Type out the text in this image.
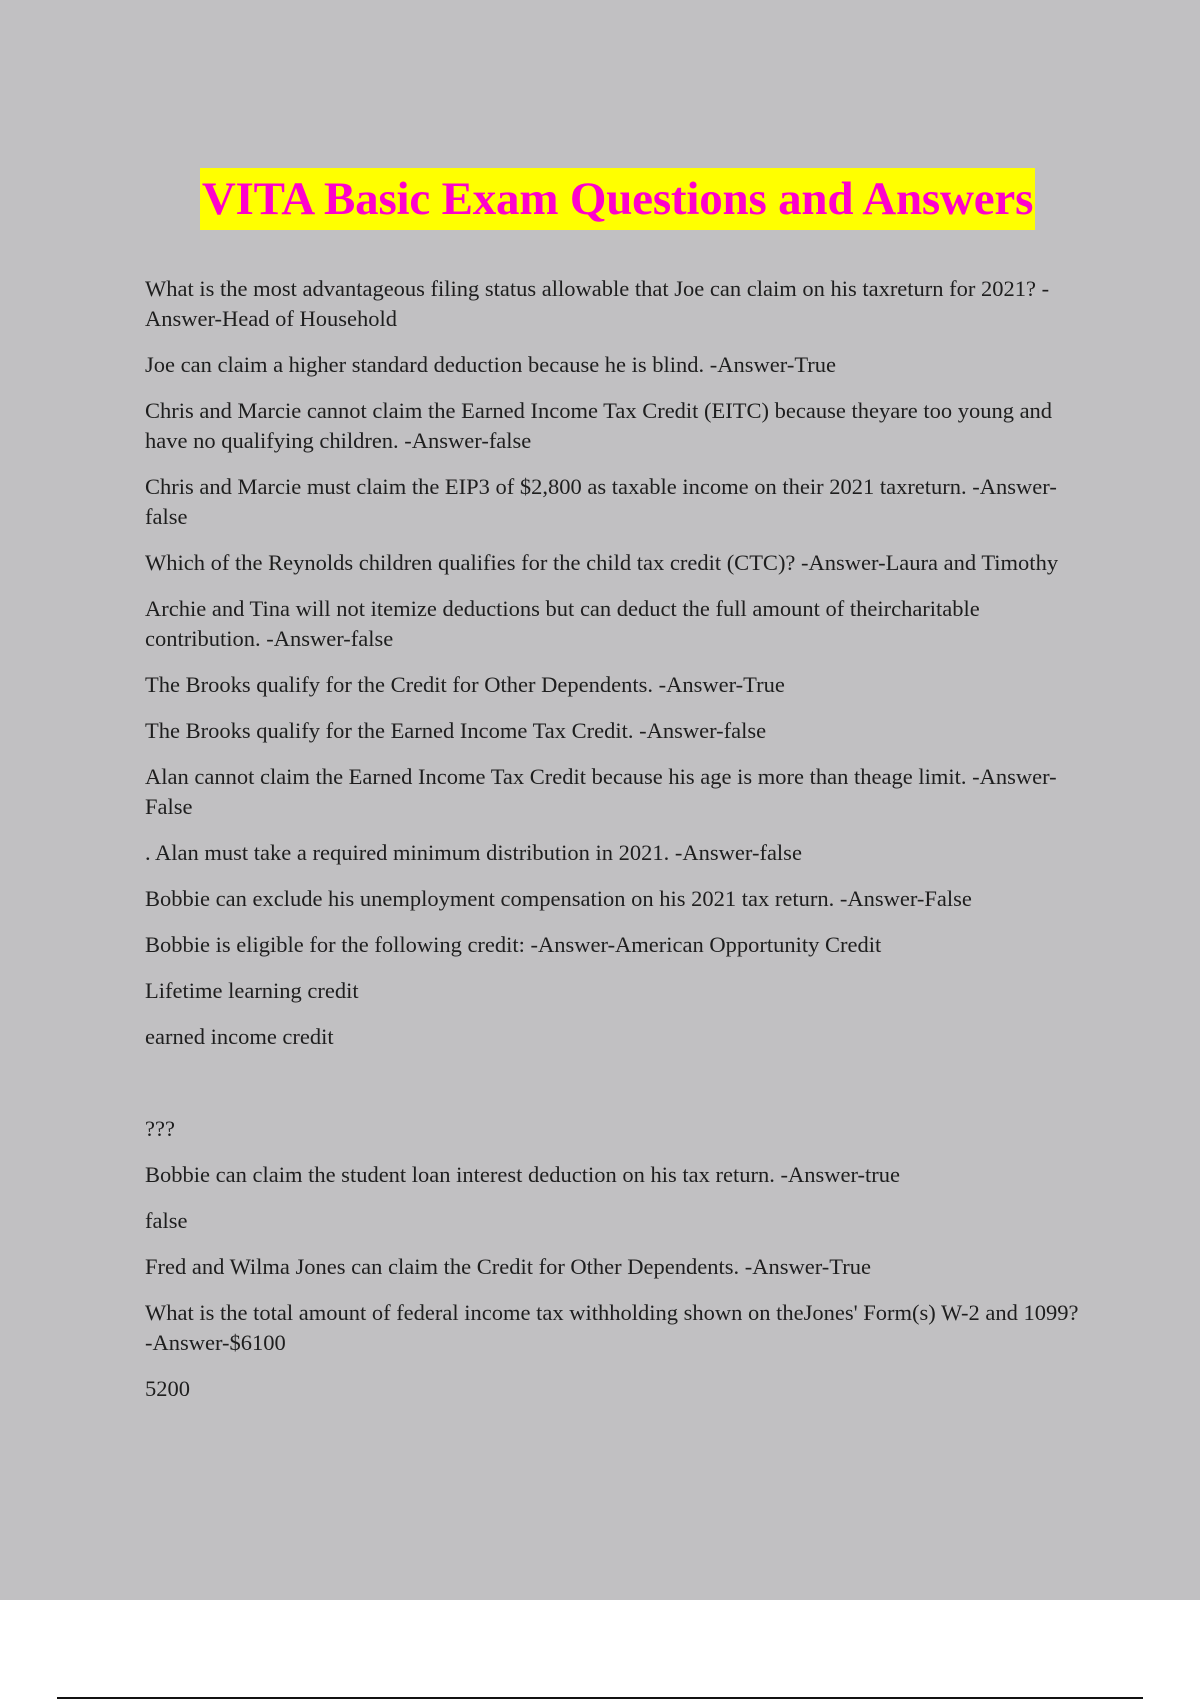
VITA Basic Exam Questions and Answers

What is the most advantageous filing status allowable that Joe can claim on his taxreturn for 2021? -Answer-Head of Household

Joe can claim a higher standard deduction because he is blind. -Answer-True

Chris and Marcie cannot claim the Earned Income Tax Credit (EITC) because theyare too young and have no qualifying children. -Answer-false

Chris and Marcie must claim the EIP3 of $2,800 as taxable income on their 2021 taxreturn. -Answer-false

Which of the Reynolds children qualifies for the child tax credit (CTC)? -Answer-Laura and Timothy

Archie and Tina will not itemize deductions but can deduct the full amount of theircharitable contribution. -Answer-false

The Brooks qualify for the Credit for Other Dependents. -Answer-True

The Brooks qualify for the Earned Income Tax Credit. -Answer-false

Alan cannot claim the Earned Income Tax Credit because his age is more than theage limit. -Answer-False

. Alan must take a required minimum distribution in 2021. -Answer-false

Bobbie can exclude his unemployment compensation on his 2021 tax return. -Answer-False

Bobbie is eligible for the following credit: -Answer-American Opportunity Credit

Lifetime learning credit

earned income credit

???

Bobbie can claim the student loan interest deduction on his tax return. -Answer-true

false

Fred and Wilma Jones can claim the Credit for Other Dependents. -Answer-True

What is the total amount of federal income tax withholding shown on theJones' Form(s) W-2 and 1099? -Answer-$6100

5200
